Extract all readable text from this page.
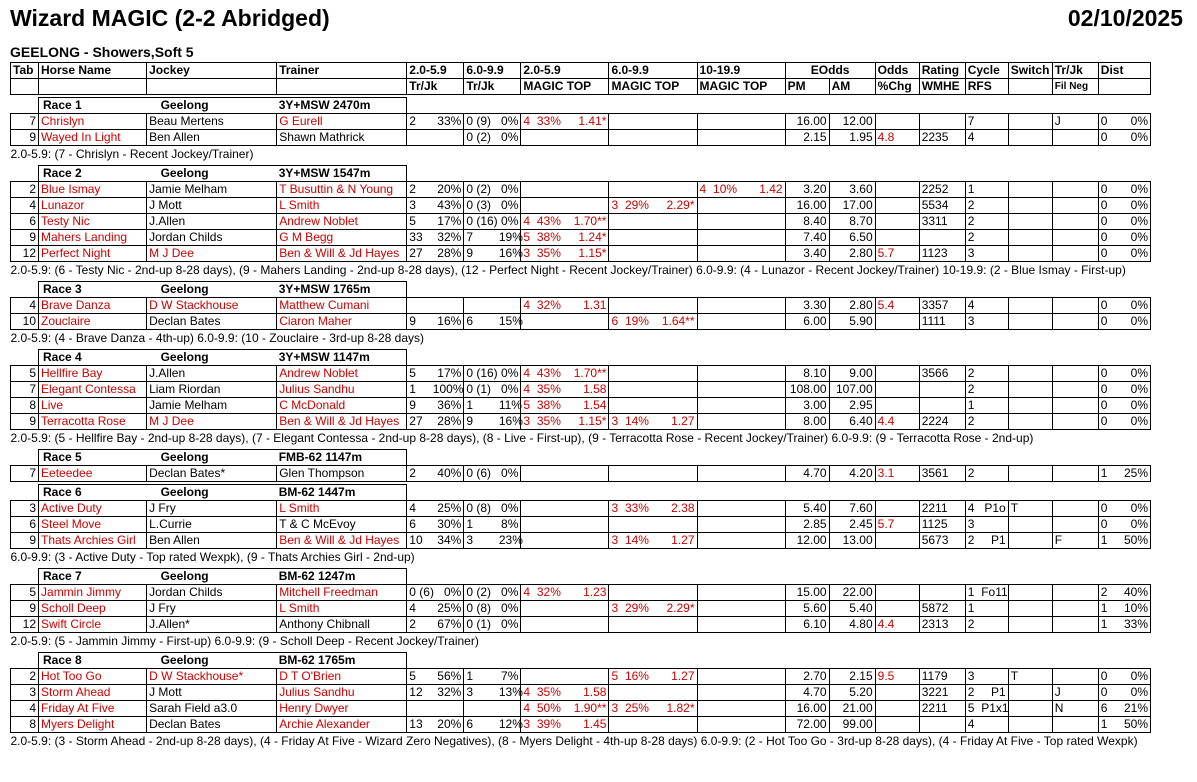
Wizard MAGIC (2-2 Abridged)	02/10/2025
GEELONG - Showers,Soft 5
Tab	Horse Name	Jockey	Trainer	2.0-5.9		6.0-9.9		2.0-5.9			6.0-9.9			10-19.9			EOdds		Odds	Rating	Cycle		Switch	Tr/Jk	Dist	
				Tr/Jk		Tr/Jk		MAGIC TOP			MAGIC TOP			MAGIC TOP			PM	AM	%Chg	WMHE	RFS			Fil Neg		

	Race 1	Geelong	3Y+MSW 2470m																							
7	Chrislyn	Beau Mertens	G Eurell	2	33%	0 (9)	0%	4	33%	1.41*							16.00	12.00			7			J	0	0%
9	Wayed In Light	Ben Allen	Shawn Mathrick			0 (2)	0%										2.15	1.95	4.8	2235	4				0	0%
2.0-5.9: (7 - Chrislyn - Recent Jockey/Trainer)																										

	Race 2	Geelong	3Y+MSW 1547m																							
2	Blue Ismay	Jamie Melham	T Busuttin & N Young	2	20%	0 (2)	0%							4	10%	1.42	3.20	3.60		2252	1				0	0%
4	Lunazor	J Mott	L Smith	3	43%	0 (3)	0%				3	29%	2.29*				16.00	17.00		5534	2				0	0%
6	Testy Nic	J.Allen	Andrew Noblet	5	17%	0 (16)	0%	4	43%	1.70**							8.40	8.70		3311	2				0	0%
9	Mahers Landing	Jordan Childs	G M Begg	33	32%	7	19%	5	38%	1.24*							7.40	6.50			2				0	0%
12	Perfect Night	M J Dee	Ben & Will & Jd Hayes	27	28%	9	16%	3	35%	1.15*							3.40	2.80	5.7	1123	3				0	0%
2.0-5.9: (6 - Testy Nic - 2nd-up 8-28 days), (9 - Mahers Landing - 2nd-up 8-28 days), (12 - Perfect Night - Recent Jockey/Trainer) 6.0-9.9: (4 - Lunazor - Recent Jockey/Trainer) 10-19.9: (2 - Blue Ismay - First-up)																										

	Race 3	Geelong	3Y+MSW 1765m																							
4	Brave Danza	D W Stackhouse	Matthew Cumani					4	32%	1.31							3.30	2.80	5.4	3357	4				0	0%
10	Zouclaire	Declan Bates	Ciaron Maher	9	16%	6	15%				6	19%	1.64**				6.00	5.90		1111	3				0	0%
2.0-5.9: (4 - Brave Danza - 4th-up) 6.0-9.9: (10 - Zouclaire - 3rd-up 8-28 days)																										

	Race 4	Geelong	3Y+MSW 1147m																							
5	Hellfire Bay	J.Allen	Andrew Noblet	5	17%	0 (16)	0%	4	43%	1.70**							8.10	9.00		3566	2				0	0%
7	Elegant Contessa	Liam Riordan	Julius Sandhu	1	100%	0 (1)	0%	4	35%	1.58							108.00	107.00			2				0	0%
8	Live	Jamie Melham	C McDonald	9	36%	1	11%	5	38%	1.54							3.00	2.95			1				0	0%
9	Terracotta Rose	M J Dee	Ben & Will & Jd Hayes	27	28%	9	16%	3	35%	1.15*	3	14%	1.27				8.00	6.40	4.4	2224	2				0	0%
2.0-5.9: (5 - Hellfire Bay - 2nd-up 8-28 days), (7 - Elegant Contessa - 2nd-up 8-28 days), (8 - Live - First-up), (9 - Terracotta Rose - Recent Jockey/Trainer) 6.0-9.9: (9 - Terracotta Rose - 2nd-up)																										

	Race 5	Geelong	FMB-62 1147m																							
7	Eeteedee	Declan Bates*	Glen Thompson	2	40%	0 (6)	0%										4.70	4.20	3.1	3561	2				1	25%

	Race 6	Geelong	BM-62 1447m																							
3	Active Duty	J Fry	L Smith	4	25%	0 (8)	0%				3	33%	2.38				5.40	7.60		2211	4	P1o	T		0	0%
6	Steel Move	L.Currie	T & C McEvoy	6	30%	1	8%										2.85	2.45	5.7	1125	3				0	0%
9	Thats Archies Girl	Ben Allen	Ben & Will & Jd Hayes	10	34%	3	23%				3	14%	1.27				12.00	13.00		5673	2	P1		F	1	50%
6.0-9.9: (3 - Active Duty - Top rated Wexpk), (9 - Thats Archies Girl - 2nd-up)																										

	Race 7	Geelong	BM-62 1247m																							
5	Jammin Jimmy	Jordan Childs	Mitchell Freedman	0 (6)	0%	0 (2)	0%	4	32%	1.23							15.00	22.00			1	Fo11			2	40%
9	Scholl Deep	J Fry	L Smith	4	25%	0 (8)	0%				3	29%	2.29*				5.60	5.40		5872	1				1	10%
12	Swift Circle	J.Allen*	Anthony Chibnall	2	67%	0 (1)	0%										6.10	4.80	4.4	2313	2				1	33%
2.0-5.9: (5 - Jammin Jimmy - First-up) 6.0-9.9: (9 - Scholl Deep - Recent Jockey/Trainer)																										

	Race 8	Geelong	BM-62 1765m																							
2	Hot Too Go	D W Stackhouse*	D T O'Brien	5	56%	1	7%				5	16%	1.27				2.70	2.15	9.5	1179	3		T		0	0%
3	Storm Ahead	J Mott	Julius Sandhu	12	32%	3	13%	4	35%	1.58							4.70	5.20		3221	2	P1		J	0	0%
4	Friday At Five	Sarah Field a3.0	Henry Dwyer					4	50%	1.90**	3	25%	1.82*				16.00	21.00		2211	5	P1x1		N	6	21%
8	Myers Delight	Declan Bates	Archie Alexander	13	20%	6	12%	3	39%	1.45							72.00	99.00			4				1	50%
2.0-5.9: (3 - Storm Ahead - 2nd-up 8-28 days), (4 - Friday At Five - Wizard Zero Negatives), (8 - Myers Delight - 4th-up 8-28 days) 6.0-9.9: (2 - Hot Too Go - 3rd-up 8-28 days), (4 - Friday At Five - Top rated Wexpk)																										
